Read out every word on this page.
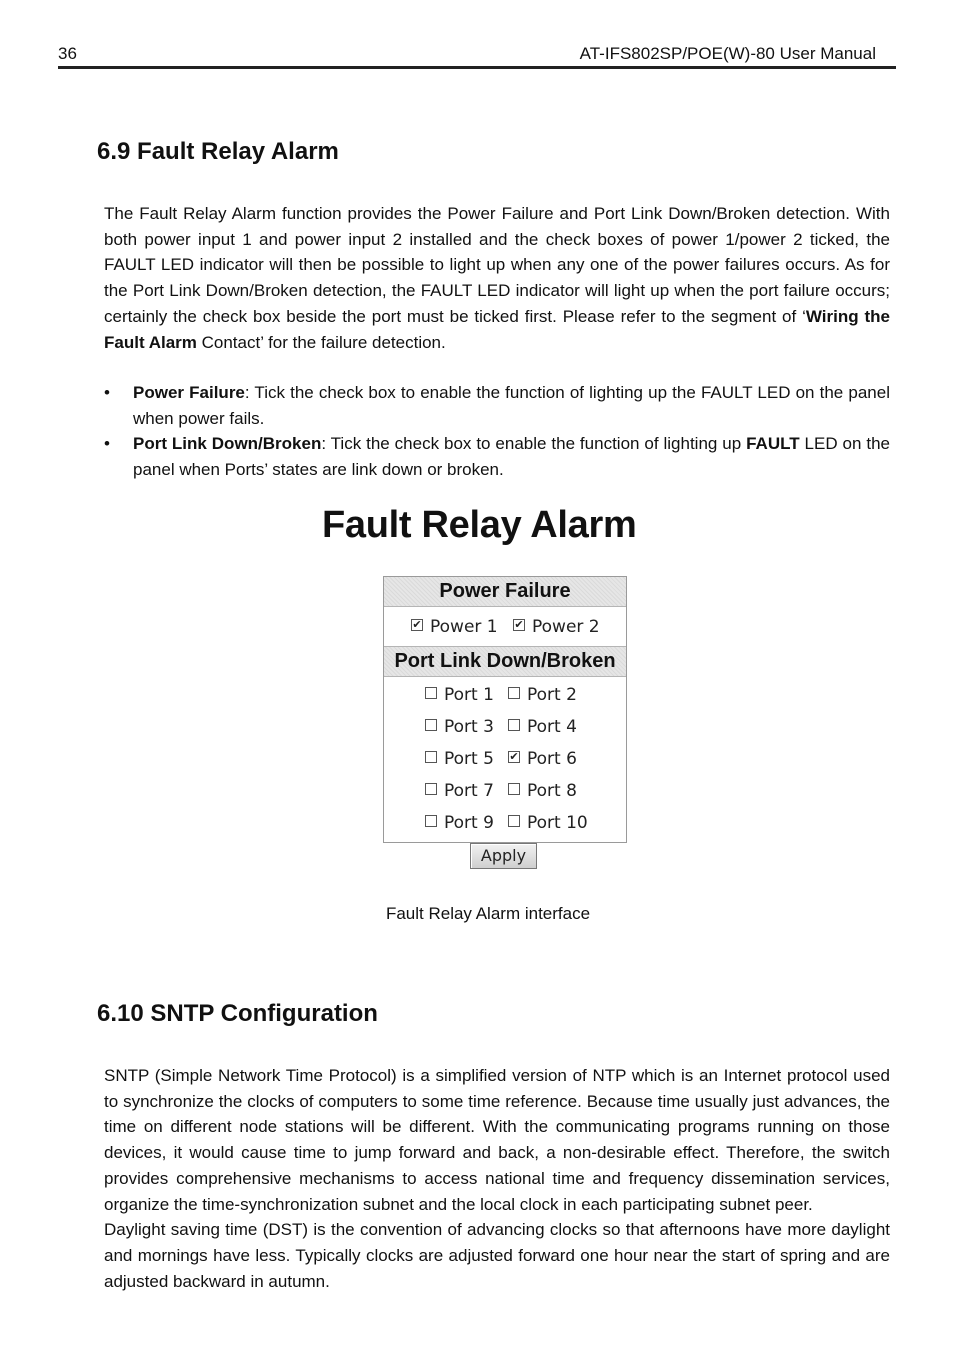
36	AT-IFS802SP/POE(W)-80 User Manual
6.9 Fault Relay Alarm

The Fault Relay Alarm function provides the Power Failure and Port Link Down/Broken detection. With both power input 1 and power input 2 installed and the check boxes of power 1/power 2 ticked, the FAULT LED indicator will then be possible to light up when any one of the power failures occurs. As for the Port Link Down/Broken detection, the FAULT LED indicator will light up when the port failure occurs; certainly the check box beside the port must be ticked first. Please refer to the segment of ‘Wiring the Fault Alarm Contact’ for the failure detection.

• Power Failure: Tick the check box to enable the function of lighting up the FAULT LED on the panel when power fails.
• Port Link Down/Broken: Tick the check box to enable the function of lighting up FAULT LED on the panel when Ports’ states are link down or broken.
Fault Relay Alarm
Power Failure
✔ Power 1 ✔ Power 2
Port Link Down/Broken
Port 1	Port 2
Port 3	Port 4
Port 5 ✔ Port 6
Port 7	Port 8
Port 9	Port 10
Apply
Fault Relay Alarm interface
6.10 SNTP Configuration

SNTP (Simple Network Time Protocol) is a simplified version of NTP which is an Internet protocol used to synchronize the clocks of computers to some time reference. Because time usually just advances, the time on different node stations will be different. With the communicating programs running on those devices, it would cause time to jump forward and back, a non-desirable effect. Therefore, the switch provides comprehensive mechanisms to access national time and frequency dissemination services, organize the time-synchronization subnet and the local clock in each participating subnet peer.

Daylight saving time (DST) is the convention of advancing clocks so that afternoons have more daylight and mornings have less. Typically clocks are adjusted forward one hour near the start of spring and are adjusted backward in autumn.
